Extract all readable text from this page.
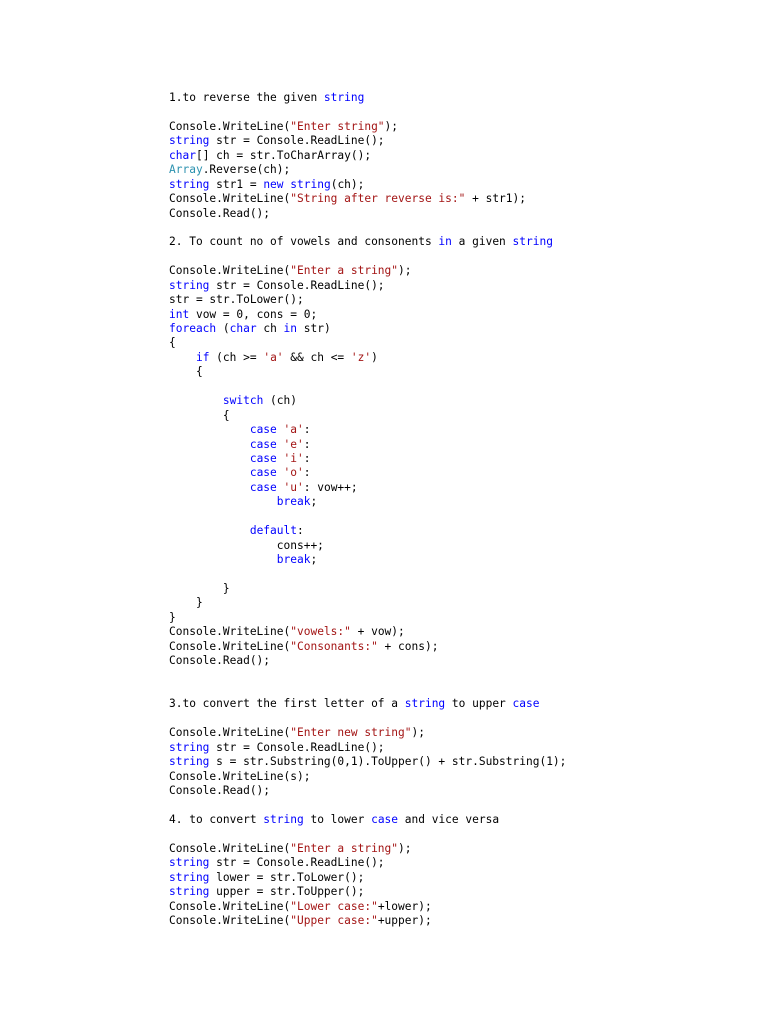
1.to reverse the given string
Console.WriteLine("Enter string");
string str = Console.ReadLine();
char[] ch = str.ToCharArray();
Array.Reverse(ch);
string str1 = new string(ch);
Console.WriteLine("String after reverse is:" + str1);
Console.Read();
2. To count no of vowels and consonents in a given string
Console.WriteLine("Enter a string");
string str = Console.ReadLine();
str = str.ToLower();
int vow = 0, cons = 0;
foreach (char ch in str)
{
if (ch >= 'a' && ch <= 'z')
{
switch (ch)
{
case 'a':
case 'e':
case 'i':
case 'o':
case 'u': vow++;
break;
default:
cons++;
break;
}
}
}
Console.WriteLine("vowels:" + vow);
Console.WriteLine("Consonants:" + cons);
Console.Read();
3.to convert the first letter of a string to upper case
Console.WriteLine("Enter new string");
string str = Console.ReadLine();
string s = str.Substring(0,1).ToUpper() + str.Substring(1);
Console.WriteLine(s);
Console.Read();
4. to convert string to lower case and vice versa
Console.WriteLine("Enter a string");
string str = Console.ReadLine();
string lower = str.ToLower();
string upper = str.ToUpper();
Console.WriteLine("Lower case:"+lower);
Console.WriteLine("Upper case:"+upper);
